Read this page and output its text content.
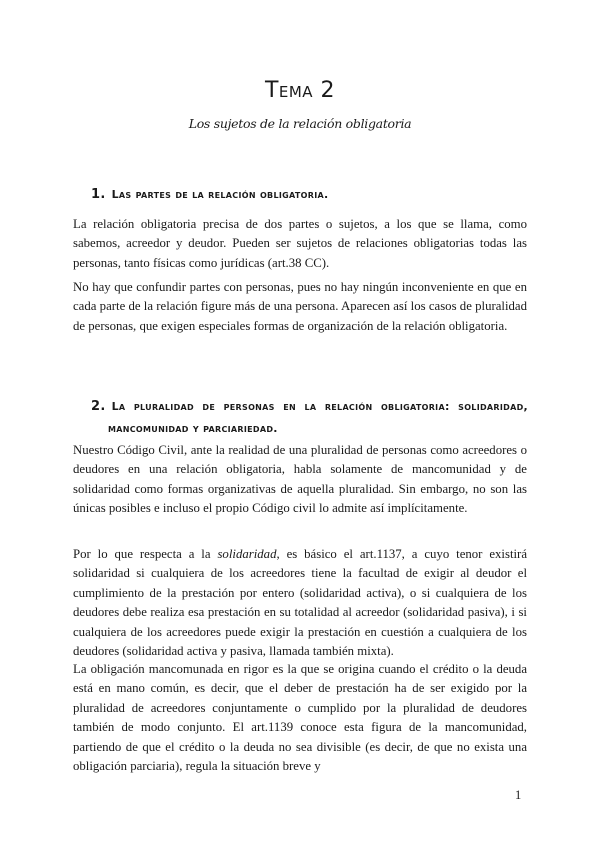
Tema 2
Los sujetos de la relación obligatoria
1. Las partes de la relación obligatoria.

La relación obligatoria precisa de dos partes o sujetos, a los que se llama, como sabemos, acreedor y deudor. Pueden ser sujetos de relaciones obligatorias todas las personas, tanto físicas como jurídicas (art.38 CC).

No hay que confundir partes con personas, pues no hay ningún inconveniente en que en cada parte de la relación figure más de una persona. Aparecen así los casos de pluralidad de personas, que exigen especiales formas de organización de la relación obligatoria.

2. La pluralidad de personas en la relación obligatoria: solidaridad,
mancomunidad y parciariedad.

Nuestro Código Civil, ante la realidad de una pluralidad de personas como acreedores o deudores en una relación obligatoria, habla solamente de mancomunidad y de solidaridad como formas organizativas de aquella pluralidad. Sin embargo, no son las únicas posibles e incluso el propio Código civil lo admite así implícitamente.

Por lo que respecta a la solidaridad, es básico el art.1137, a cuyo tenor existirá solidaridad si cualquiera de los acreedores tiene la facultad de exigir al deudor el cumplimiento de la prestación por entero (solidaridad activa), o si cualquiera de los deudores debe realiza esa prestación en su totalidad al acreedor (solidaridad pasiva), i si cualquiera de los acreedores puede exigir la prestación en cuestión a cualquiera de los deudores (solidaridad activa y pasiva, llamada también mixta).

La obligación mancomunada en rigor es la que se origina cuando el crédito o la deuda está en mano común, es decir, que el deber de prestación ha de ser exigido por la pluralidad de acreedores conjuntamente o cumplido por la pluralidad de deudores también de modo conjunto. El art.1139 conoce esta figura de la mancomunidad, partiendo de que el crédito o la deuda no sea divisible (es decir, de que no exista una obligación parciaria), regula la situación breve y

1
